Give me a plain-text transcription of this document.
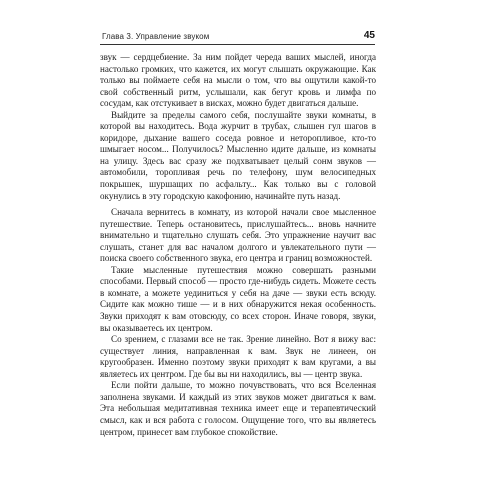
Глава 3. Управление звуком	45

звук — сердцебиение. За ним пойдет череда ваших мыслей, иногда настолько громких, что кажется, их могут слышать окружающие. Как только вы поймаете себя на мысли о том, что вы ощутили какой-то свой собственный ритм, услышали, как бегут кровь и лимфа по сосудам, как отстукивает в висках, можно будет двигаться дальше.

Выйдите за пределы самого себя, послушайте звуки комнаты, в которой вы находитесь. Вода журчит в трубах, слышен гул шагов в коридоре, дыхание вашего соседа ровное и неторопливое, кто-то шмыгает носом... Получилось? Мысленно идите дальше, из комнаты на улицу. Здесь вас сразу же подхватывает целый сонм звуков — автомобили, торопливая речь по телефону, шум велосипедных покрышек, шуршащих по асфальту... Как только вы с головой окунулись в эту городскую какофонию, начинайте путь назад.

Сначала вернитесь в комнату, из которой начали свое мысленное путешествие. Теперь остановитесь, прислушайтесь... вновь начните внимательно и тщательно слушать себя. Это упражнение научит вас слушать, станет для вас началом долгого и увлекательного пути — поиска своего собственного звука, его центра и границ возможностей.

Такие мысленные путешествия можно совершать разными способами. Первый способ — просто где-нибудь сидеть. Можете сесть в комнате, а можете уединиться у себя на даче — звуки есть всюду. Сидите как можно тише — и в них обнаружится некая особенность. Звуки приходят к вам отовсюду, со всех сторон. Иначе говоря, звуки, вы оказываетесь их центром.

Со зрением, с глазами все не так. Зрение линейно. Вот я вижу вас: существует линия, направленная к вам. Звук не линеен, он кругообразен. Именно поэтому звуки приходят к вам кругами, а вы являетесь их центром. Где бы вы ни находились, вы — центр звука.

Если пойти дальше, то можно почувствовать, что вся Вселенная заполнена звуками. И каждый из этих звуков может двигаться к вам. Эта небольшая медитативная техника имеет еще и терапевтический смысл, как и вся работа с голосом. Ощущение того, что вы являетесь центром, принесет вам глубокое спокойствие.
